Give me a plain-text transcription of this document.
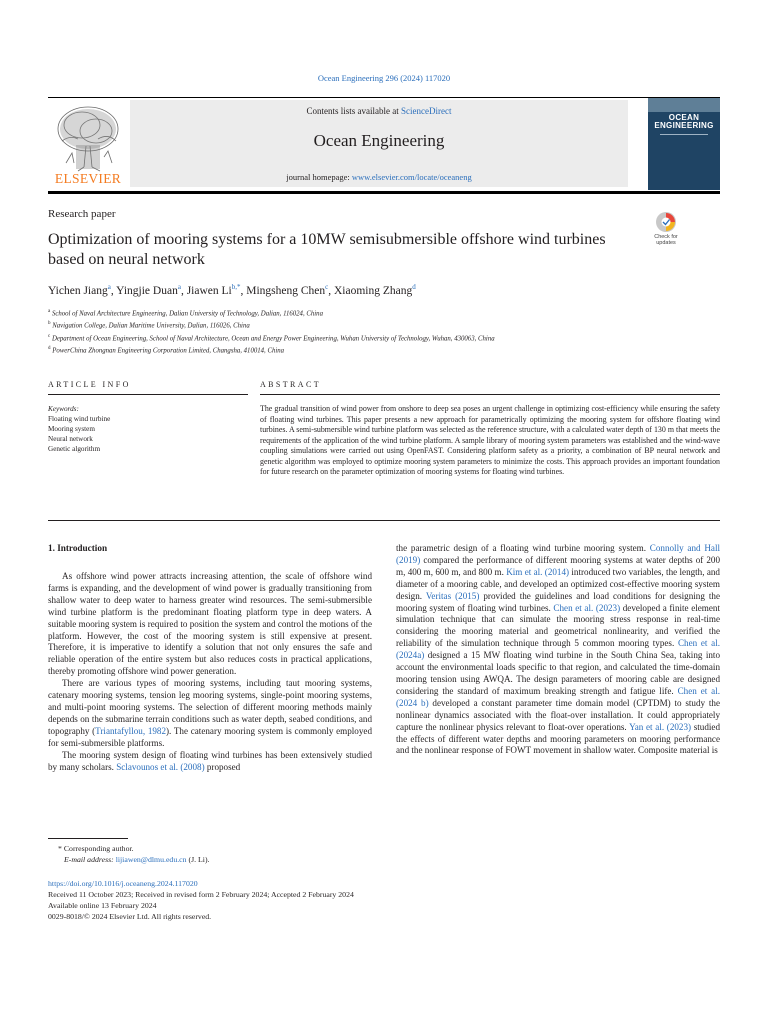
Ocean Engineering 296 (2024) 117020
ELSEVIER
Contents lists available at ScienceDirect
Ocean Engineering
journal homepage: www.elsevier.com/locate/oceaneng
OCEAN
ENGINEERING
Research paper
Optimization of mooring systems for a 10MW semisubmersible offshore wind turbines based on neural network
Check for
updates
Yichen Jiang$^a$, Yingjie Duan$^a$, Jiawen $Li^{b,*}$, Mingsheng Chen$^c$, Xiaoming Zhang$^d$
$^a$ School of Naval Architecture Engineering, Dalian University of Technology, Dalian, 116024, China
$^b$ Navigation College, Dalian Maritime University, Dalian, 116026, China
$^c$ Department of Ocean Engineering, School of Naval Architecture, Ocean and Energy Power Engineering, Wuhan University of Technology, Wuhan, 430063, China
$^d$ PowerChina Zhongnan Engineering Corporation Limited, Changsha, 410014, China
ARTICLE INFO	ABSTRACT
Keywords:
Floating wind turbine
Mooring system
Neural network
Genetic algorithm
The gradual transition of wind power from onshore to deep sea poses an urgent challenge in optimizing cost-efficiency while ensuring the safety of floating wind turbines. This paper presents a new approach for parametrically optimizing the mooring system for offshore floating wind turbines. A semi-submersible wind turbine platform was selected as the reference structure, with a calculated water depth of 130 m that meets the requirements of the application of the wind turbine platform. A sample library of mooring system parameters was established and the wind-wave coupling simulations were carried out using OpenFAST. Considering platform safety as a priority, a combination of BP neural network and genetic algorithm was employed to optimize mooring system parameters to minimize the costs. This approach provides an important foundation for future research on the parameter optimization of mooring systems for floating wind turbines.
1. Introduction

As offshore wind power attracts increasing attention, the scale of offshore wind farms is expanding, and the development of wind power is gradually transitioning from shallow water to deep water to harness greater wind resources. The semi-submersible wind turbine platform is the predominant floating platform type in deep waters. A suitable mooring system is required to position the system and control the motions of the platform. However, the cost of the mooring system is still expensive at present. Therefore, it is imperative to identify a solution that not only ensures the safe and reliable operation of the entire system but also reduces costs in practical applications, thereby promoting offshore wind power generation.

There are various types of mooring systems, including taut mooring systems, catenary mooring systems, tension leg mooring systems, single-point mooring systems, and multi-point mooring systems. The selection of different mooring methods mainly depends on the submarine terrain conditions such as water depth, seabed conditions, and topography (Triantafyllou, 1982). The catenary mooring system is commonly employed for semi-submersible platforms.

The mooring system design of floating wind turbines has been extensively studied by many scholars. Sclavounos et al. (2008) proposed

the parametric design of a floating wind turbine mooring system. Connolly and Hall (2019) compared the performance of different mooring systems at water depths of 200 m, 400 m, 600 m, and 800 m. Kim et al. (2014) introduced two variables, the length, and diameter of a mooring cable, and developed an optimized cost-effective mooring system design. Veritas (2015) provided the guidelines and load conditions for designing the mooring system of floating wind turbines. Chen et al. (2023) developed a finite element simulation technique that can simulate the mooring stress response in real-time considering the mooring material and geometrical nonlinearity, and verified the reliability of the simulation technique through 5 common mooring types. Chen et al. (2024a) designed a 15 MW floating wind turbine in the South China Sea, taking into account the environmental loads specific to that region, and calculated the time-domain mooring tension using AWQA. The design parameters of mooring cable are designed considering the standard of maximum breaking strength and fatigue life. Chen et al. (2024 b) developed a constant parameter time domain model (CPTDM) to study the nonlinear dynamics associated with the float-over installation. It could appropriately capture the nonlinear physics relevant to float-over operations. Yan et al. (2023) studied the effects of different water depths and mooring parameters on mooring performance and the nonlinear response of FOWT movement in shallow water. Composite material is

* Corresponding author.
E-mail address: lijiawen@dlmu.edu.cn (J. Li).
https://doi.org/10.1016/j.oceaneng.2024.117020
Received 11 October 2023; Received in revised form 2 February 2024; Accepted 2 February 2024
Available online 13 February 2024
0029-8018/© 2024 Elsevier Ltd. All rights reserved.
